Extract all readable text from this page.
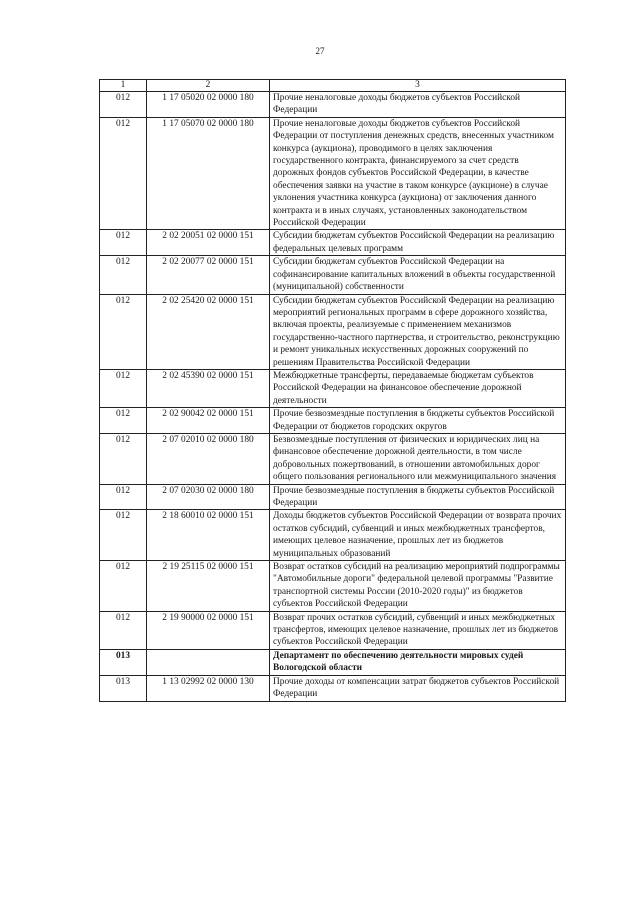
27
1	2	3
012	1 17 05020 02 0000 180	Прочие неналоговые доходы бюджетов субъектов Российской Федерации
012	1 17 05070 02 0000 180	Прочие неналоговые доходы бюджетов субъектов Российской Федерации от поступления денежных средств, внесенных участником конкурса (аукциона), проводимого в целях заключения государственного контракта, финансируемого за счет средств дорожных фондов субъектов Российской Федерации, в качестве обеспечения заявки на участие в таком конкурсе (аукционе) в случае уклонения участника конкурса (аукциона) от заключения данного контракта и в иных случаях, установленных законодательством Российской Федерации
012	2 02 20051 02 0000 151	Субсидии бюджетам субъектов Российской Федерации на реализацию федеральных целевых программ
012	2 02 20077 02 0000 151	Субсидии бюджетам субъектов Российской Федерации на софинансирование капитальных вложений в объекты государственной (муниципальной) собственности
012	2 02 25420 02 0000 151	Субсидии бюджетам субъектов Российской Федерации на реализацию мероприятий региональных программ в сфере дорожного хозяйства, включая проекты, реализуемые с применением механизмов государственно-частного партнерства, и строительство, реконструкцию и ремонт уникальных искусственных дорожных сооружений по решениям Правительства Российской Федерации
012	2 02 45390 02 0000 151	Межбюджетные трансферты, передаваемые бюджетам субъектов Российской Федерации на финансовое обеспечение дорожной деятельности
012	2 02 90042 02 0000 151	Прочие безвозмездные поступления в бюджеты субъектов Российской Федерации от бюджетов городских округов
012	2 07 02010 02 0000 180	Безвозмездные поступления от физических и юридических лиц на финансовое обеспечение дорожной деятельности, в том числе добровольных пожертвований, в отношении автомобильных дорог общего пользования регионального или межмуниципального значения
012	2 07 02030 02 0000 180	Прочие безвозмездные поступления в бюджеты субъектов Российской Федерации
012	2 18 60010 02 0000 151	Доходы бюджетов субъектов Российской Федерации от возврата прочих остатков субсидий, субвенций и иных межбюджетных трансфертов, имеющих целевое назначение, прошлых лет из бюджетов муниципальных образований
012	2 19 25115 02 0000 151	Возврат остатков субсидий на реализацию мероприятий подпрограммы "Автомобильные дороги" федеральной целевой программы "Развитие транспортной системы России (2010-2020 годы)" из бюджетов субъектов Российской Федерации
012	2 19 90000 02 0000 151	Возврат прочих остатков субсидий, субвенций и иных межбюджетных трансфертов, имеющих целевое назначение, прошлых лет из бюджетов субъектов Российской Федерации
013		Департамент по обеспечению деятельности мировых судей Вологодской области
013	1 13 02992 02 0000 130	Прочие доходы от компенсации затрат бюджетов субъектов Российской Федерации
